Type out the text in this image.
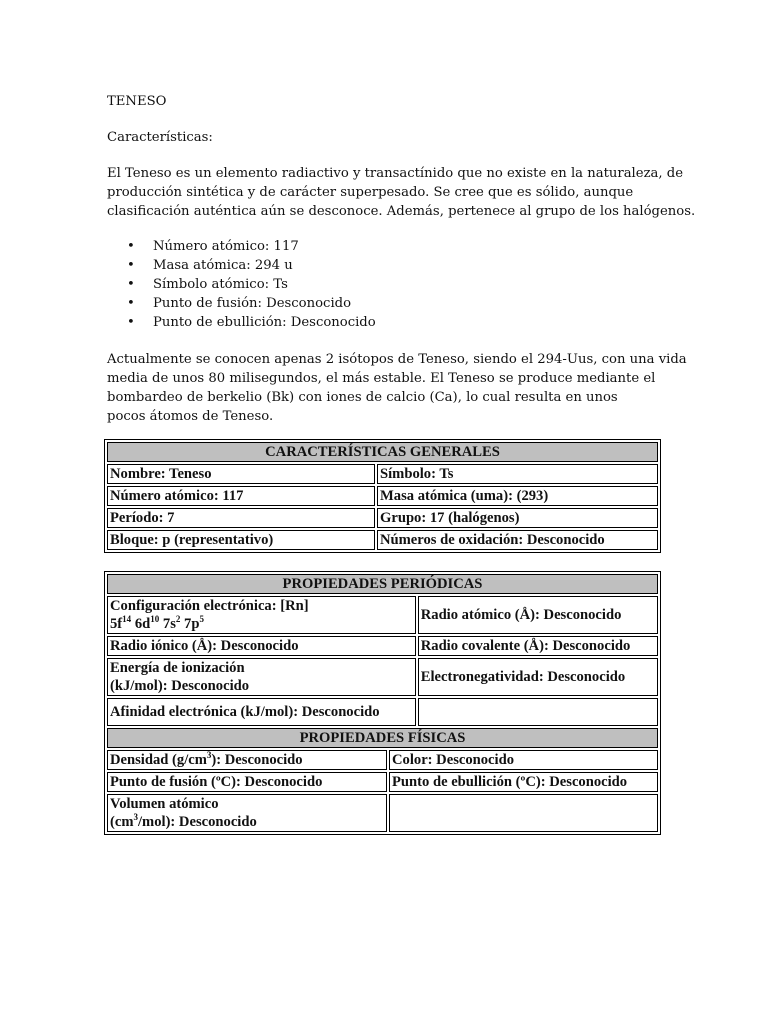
TENESO
Características:
El Teneso es un elemento radiactivo y transactínido que no existe en la naturaleza, de
producción sintética y de carácter superpesado. Se cree que es sólido, aunque
clasificación auténtica aún se desconoce. Además, pertenece al grupo de los halógenos.
• Número atómico: 117
• Masa atómica: 294 u
• Símbolo atómico: Ts
• Punto de fusión: Desconocido
• Punto de ebullición: Desconocido
Actualmente se conocen apenas 2 isótopos de Teneso, siendo el 294-Uus, con una vida
media de unos 80 milisegundos, el más estable. El Teneso se produce mediante el
bombardeo de berkelio (Bk) con iones de calcio (Ca), lo cual resulta en unos
pocos átomos de Teneso.
CARACTERÍSTICAS GENERALES	
Nombre: Teneso	Símbolo: Ts
Número atómico: 117	Masa atómica (uma): (293)
Período: 7	Grupo: 17 (halógenos)
Bloque: p (representativo)	Números de oxidación: Desconocido
PROPIEDADES PERIÓDICAS		

Configuración electrónica: [Rn]
$5f^{14}$ $6d^{10}$ $7s^2$ $7p^5$		Radio atómico (Å): Desconocido
Radio iónico (Å): Desconocido		Radio covalente (Å): Desconocido

Energía de ionización
(kJ/mol): Desconocido		Electronegatividad: Desconocido
Afinidad electrónica (kJ/mol): Desconocido		
PROPIEDADES FÍSICAS		
Densidad $(g/cm^3)$: Desconocido	Color: Desconocido	
Punto de fusión (ºC): Desconocido	Punto de ebullición (ºC): Desconocido	

Volumen atómico
$(cm^3/mol)$: Desconocido		
